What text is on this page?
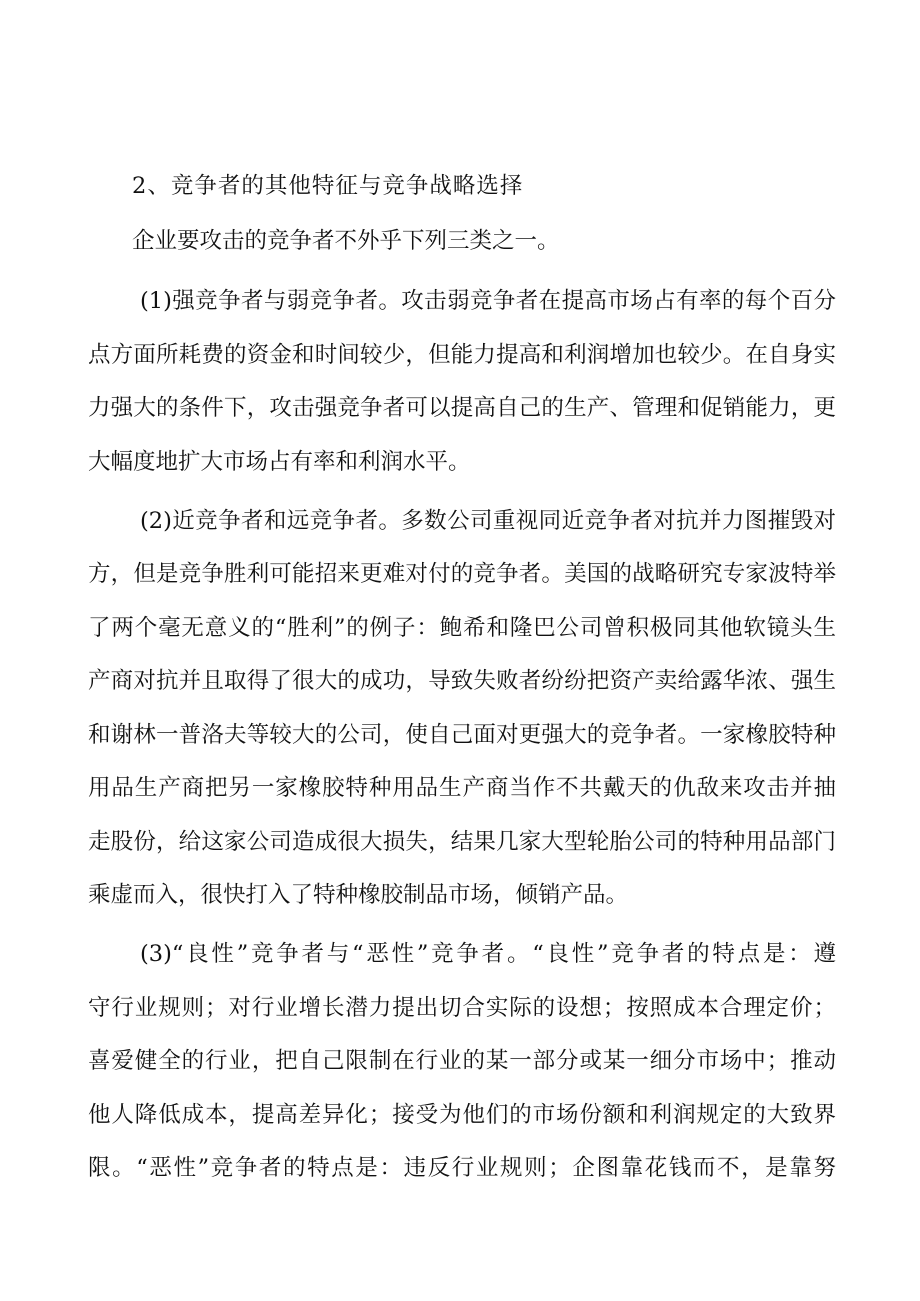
2、竞争者的其他特征与竞争战略选择
企业要攻击的竞争者不外乎下列三类之一。
(1)强竞争者与弱竞争者。攻击弱竞争者在提高市场占有率的每个百分
点方面所耗费的资金和时间较少，但能力提高和利润增加也较少。在自身实
力强大的条件下，攻击强竞争者可以提高自己的生产、管理和促销能力，更
大幅度地扩大市场占有率和利润水平。
(2)近竞争者和远竞争者。多数公司重视同近竞争者对抗并力图摧毁对
方，但是竞争胜利可能招来更难对付的竞争者。美国的战略研究专家波特举
了两个毫无意义的“胜利”的例子：鲍希和隆巴公司曾积极同其他软镜头生
产商对抗并且取得了很大的成功，导致失败者纷纷把资产卖给露华浓、强生
和谢林一普洛夫等较大的公司，使自己面对更强大的竞争者。一家橡胶特种
用品生产商把另一家橡胶特种用品生产商当作不共戴天的仇敌来攻击并抽
走股份，给这家公司造成很大损失，结果几家大型轮胎公司的特种用品部门
乘虚而入，很快打入了特种橡胶制品市场，倾销产品。
(3)“良性”竞争者与“恶性”竞争者。“良性”竞争者的特点是：遵
守行业规则；对行业增长潜力提出切合实际的设想；按照成本合理定价；
喜爱健全的行业，把自己限制在行业的某一部分或某一细分市场中；推动
他人降低成本，提高差异化；接受为他们的市场份额和利润规定的大致界
限。“恶性”竞争者的特点是：违反行业规则；企图靠花钱而不，是靠努
